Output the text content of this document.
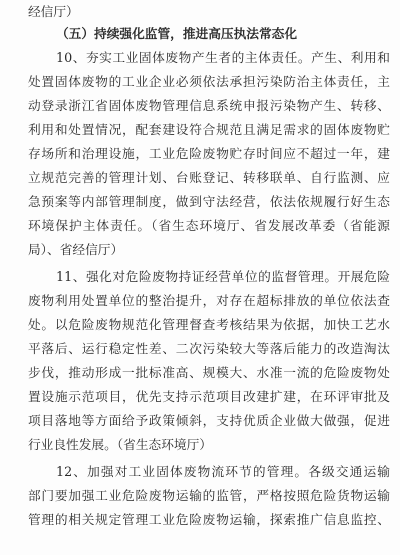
经信厅）
（五）持续强化监管，推进高压执法常态化
10、夯实工业固体废物产生者的主体责任。产生、利用和
处置固体废物的工业企业必须依法承担污染防治主体责任，主
动登录浙江省固体废物管理信息系统申报污染物产生、转移、
利用和处置情况，配套建设符合规范且满足需求的固体废物贮
存场所和治理设施，工业危险废物贮存时间应不超过一年，建
立规范完善的管理计划、台账登记、转移联单、自行监测、应
急预案等内部管理制度，做到守法经营，依法依规履行好生态
环境保护主体责任。（省生态环境厅、省发展改革委（省能源
局）、省经信厅）
11、强化对危险废物持证经营单位的监督管理。开展危险
废物利用处置单位的整治提升，对存在超标排放的单位依法查
处。以危险废物规范化管理督查考核结果为依据，加快工艺水
平落后、运行稳定性差、二次污染较大等落后能力的改造淘汰
步伐，推动形成一批标准高、规模大、水准一流的危险废物处
置设施示范项目，优先支持示范项目改建扩建，在环评审批及
项目落地等方面给予政策倾斜，支持优质企业做大做强，促进
行业良性发展。（省生态环境厅）
12、加强对工业固体废物流环节的管理。各级交通运输
部门要加强工业危险废物运输的监管，严格按照危险货物运输
管理的相关规定管理工业危险废物运输，探索推广信息监控、
